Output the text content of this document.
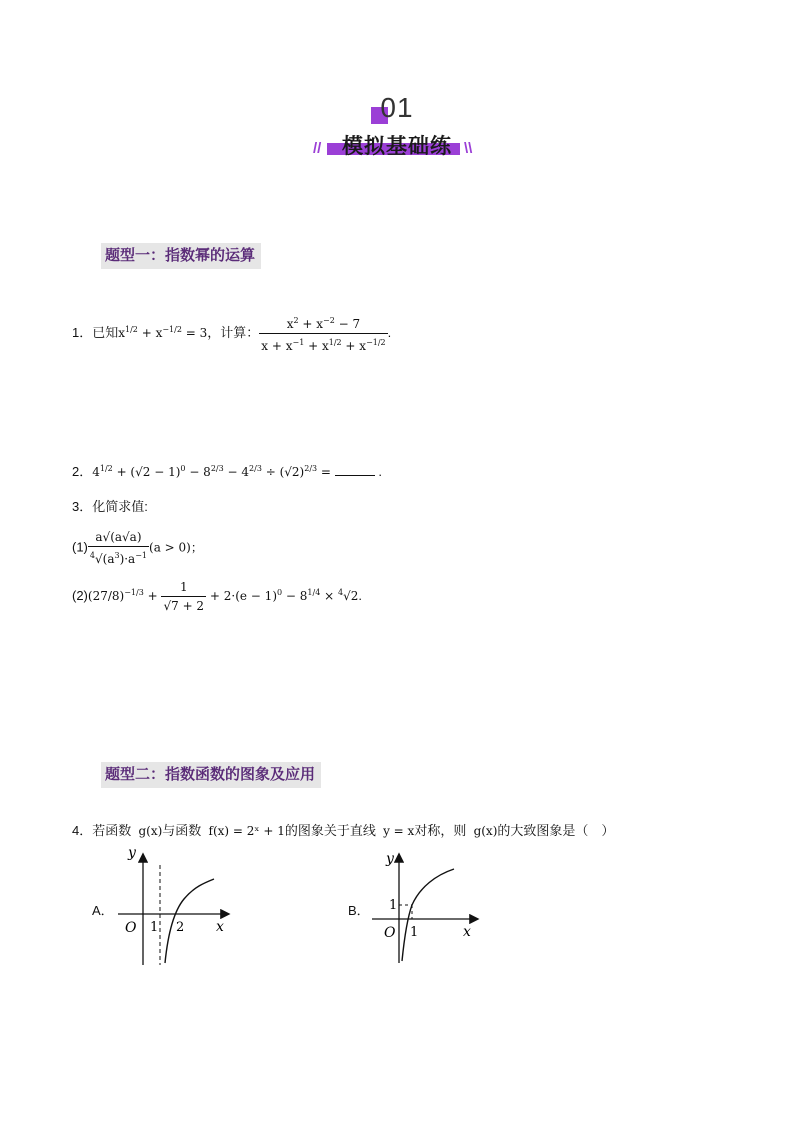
01
模拟基础练
//	\\
题型一：指数幂的运算
1．已知$x^{1/2} + x^{-1/2} = 3$，计算： $\frac{x^2 + x^{-2} - 7}{x + x^{-1} + x^{1/2} + x^{-1/2}}$ .
2．$4^{1/2} + (√2 - 1)^0 - 8^{2/3} - 4^{2/3} \div (√2)^{2/3}$ =	.
3．化简求值:
$(1) \frac{a√(a√a)}{^4√(a^3)\cdot a^{-1}} (a > 0)$；
$(2)(27/8)^{-1/3} + \frac{1}{√7 + 2} + 2\cdot(e - 1)^0 - 8^{1/4} \times ^4√2$.
题型二：指数函数的图象及应用
4．若函数 g(x)与函数 f(x) = 2ˣ + 1的图象关于直线 y = x对称，则 g(x)的大致图象是（　）
A．
y
x
O 1 2
B．
y
x
O 1
1
